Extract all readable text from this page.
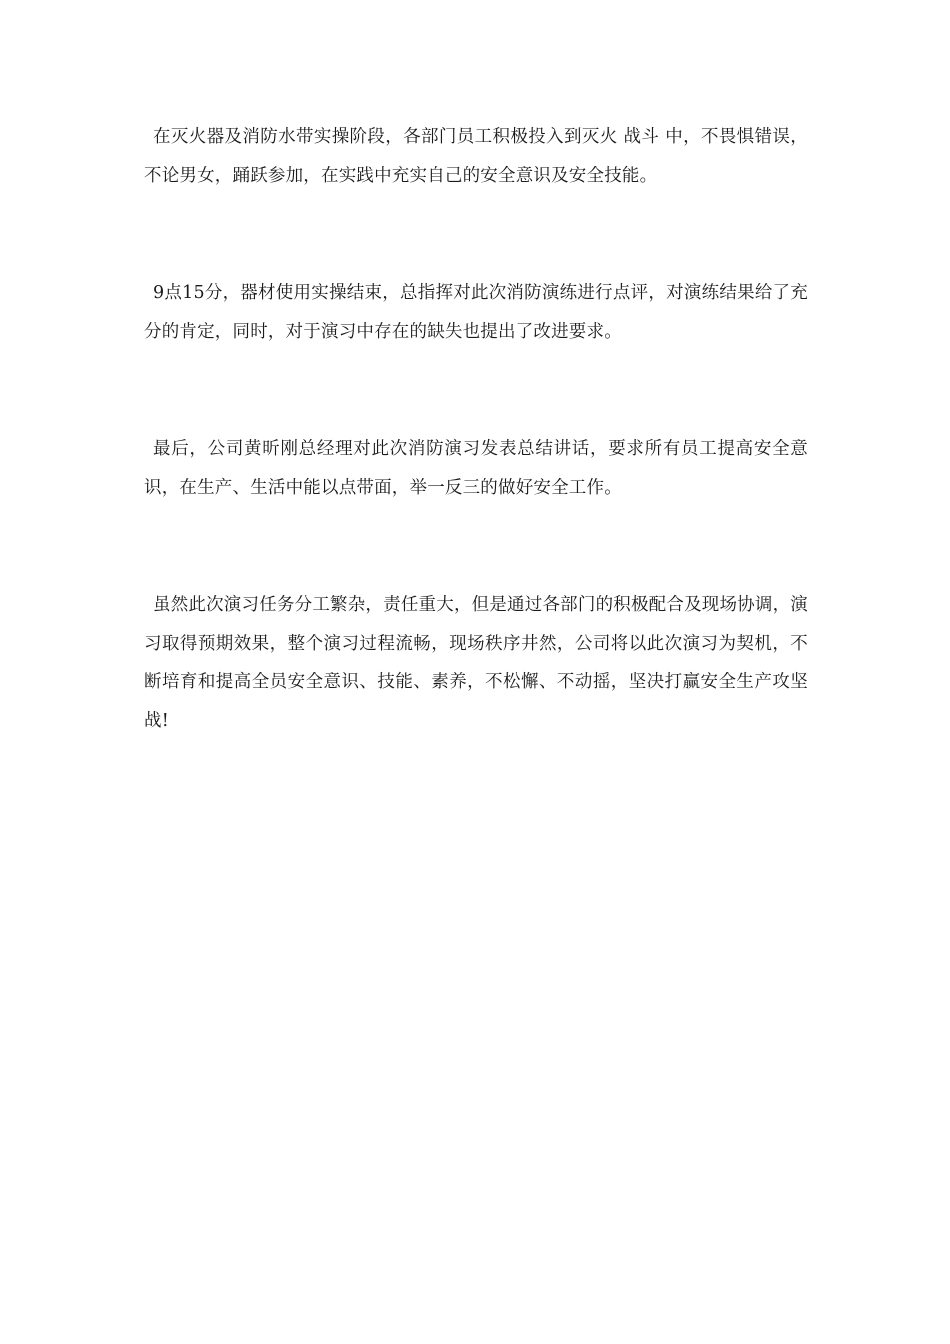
在灭火器及消防水带实操阶段，各部门员工积极投入到灭火 战斗 中，不畏惧错误，不论男女，踊跃参加，在实践中充实自己的安全意识及安全技能。

9点15分，器材使用实操结束，总指挥对此次消防演练进行点评，对演练结果给了充分的肯定，同时，对于演习中存在的缺失也提出了改进要求。

最后，公司黄昕刚总经理对此次消防演习发表总结讲话，要求所有员工提高安全意识，在生产、生活中能以点带面，举一反三的做好安全工作。

虽然此次演习任务分工繁杂，责任重大，但是通过各部门的积极配合及现场协调，演习取得预期效果，整个演习过程流畅，现场秩序井然，公司将以此次演习为契机，不断培育和提高全员安全意识、技能、素养，不松懈、不动摇，坚决打赢安全生产攻坚战!
